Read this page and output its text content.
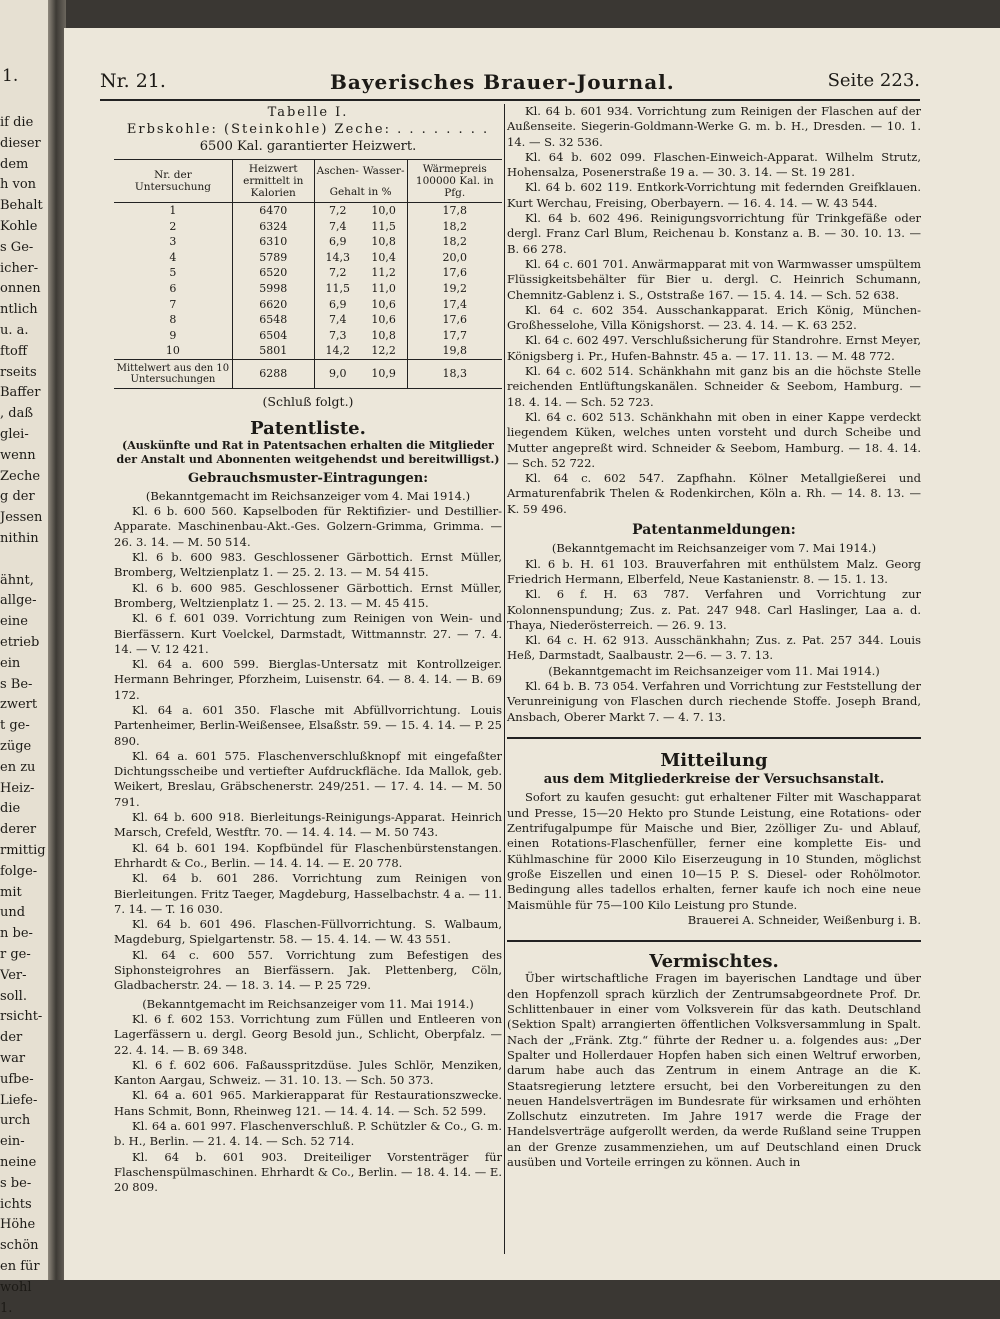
1.
if die
dieser
dem
h von
Behalt
Kohle
s Ge-
icher-
onnen
ntlich
u. a.
ftoff
rseits
Baffer
, daß
glei-
wenn
Zeche
g der
Jessen
nithin
ähnt,
allge-
eine
etrieb
ein
s Be-
zwert
t ge-
züge
en zu
Heiz-
die
derer
rmittig
folge-
mit
und
n be-
r ge-
Ver-
soll.
rsicht-
der
war
ufbe-
Liefe-
urch
ein-
neine
s be-
ichts
Höhe
schön
en für
wohl
1.
Nr. 21.	Bayerisches Brauer-Journal.	Seite 223.
Tabelle I.
Erbskohle: (Steinkohle) Zeche: . . . . . . . .
6500 Kal. garantierter Heizwert.
Nr. der Untersuchung	Heizwert ermittelt in Kalorien	Aschen-	Wasser-	Wärmepreis 100000 Kal. in Pfg.
		Gehalt in %		
1	6470	7,2	10,0	17,8
2	6324	7,4	11,5	18,2
3	6310	6,9	10,8	18,2
4	5789	14,3	10,4	20,0
5	6520	7,2	11,2	17,6
6	5998	11,5	11,0	19,2
7	6620	6,9	10,6	17,4
8	6548	7,4	10,6	17,6
9	6504	7,3	10,8	17,7
10	5801	14,2	12,2	19,8
Mittelwert aus den 10 Untersuchungen	6288	9,0	10,9	18,3
(Schluß folgt.)
Patentliste.
(Auskünfte und Rat in Patentsachen erhalten die Mitglieder der Anstalt und Abonnenten weitgehendst und bereitwilligst.)
Gebrauchsmuster-Eintragungen:

(Bekanntgemacht im Reichsanzeiger vom 4. Mai 1914.)

Kl. 6 b. 600 560. Kapselboden für Rektifizier- und Destillier-Apparate. Maschinenbau-Akt.-Ges. Golzern-Grimma, Grimma. — 26. 3. 14. — M. 50 514.

Kl. 6 b. 600 983. Geschlossener Gärbottich. Ernst Müller, Bromberg, Weltzienplatz 1. — 25. 2. 13. — M. 54 415.

Kl. 6 b. 600 985. Geschlossener Gärbottich. Ernst Müller, Bromberg, Weltzienplatz 1. — 25. 2. 13. — M. 45 415.

Kl. 6 f. 601 039. Vorrichtung zum Reinigen von Wein- und Bierfässern. Kurt Voelckel, Darmstadt, Wittmannstr. 27. — 7. 4. 14. — V. 12 421.

Kl. 64 a. 600 599. Bierglas-Untersatz mit Kontrollzeiger. Hermann Behringer, Pforzheim, Luisenstr. 64. — 8. 4. 14. — B. 69 172.

Kl. 64 a. 601 350. Flasche mit Abfüllvorrichtung. Louis Partenheimer, Berlin-Weißensee, Elsaßstr. 59. — 15. 4. 14. — P. 25 890.

Kl. 64 a. 601 575. Flaschenverschlußknopf mit eingefaßter Dichtungsscheibe und vertiefter Aufdruckfläche. Ida Mallok, geb. Weikert, Breslau, Gräbschenerstr. 249/251. — 17. 4. 14. — M. 50 791.

Kl. 64 b. 600 918. Bierleitungs-Reinigungs-Apparat. Heinrich Marsch, Crefeld, Westftr. 70. — 14. 4. 14. — M. 50 743.

Kl. 64 b. 601 194. Kopfbündel für Flaschenbürstenstangen. Ehrhardt & Co., Berlin. — 14. 4. 14. — E. 20 778.

Kl. 64 b. 601 286. Vorrichtung zum Reinigen von Bierleitungen. Fritz Taeger, Magdeburg, Hasselbachstr. 4 a. — 11. 7. 14. — T. 16 030.

Kl. 64 b. 601 496. Flaschen-Füllvorrichtung. S. Walbaum, Magdeburg, Spielgartenstr. 58. — 15. 4. 14. — W. 43 551.

Kl. 64 c. 600 557. Vorrichtung zum Befestigen des Siphonsteigrohres an Bierfässern. Jak. Plettenberg, Cöln, Gladbacherstr. 24. — 18. 3. 14. — P. 25 729.

(Bekanntgemacht im Reichsanzeiger vom 11. Mai 1914.)

Kl. 6 f. 602 153. Vorrichtung zum Füllen und Entleeren von Lagerfässern u. dergl. Georg Besold jun., Schlicht, Oberpfalz. — 22. 4. 14. — B. 69 348.

Kl. 6 f. 602 606. Faßausspritzdüse. Jules Schlör, Menziken, Kanton Aargau, Schweiz. — 31. 10. 13. — Sch. 50 373.

Kl. 64 a. 601 965. Markierapparat für Restaurationszwecke. Hans Schmit, Bonn, Rheinweg 121. — 14. 4. 14. — Sch. 52 599.

Kl. 64 a. 601 997. Flaschenverschluß. P. Schützler & Co., G. m. b. H., Berlin. — 21. 4. 14. — Sch. 52 714.

Kl. 64 b. 601 903. Dreiteiliger Vorstenträger für Flaschenspülmaschinen. Ehrhardt & Co., Berlin. — 18. 4. 14. — E. 20 809.

Kl. 64 b. 601 934. Vorrichtung zum Reinigen der Flaschen auf der Außenseite. Siegerin-Goldmann-Werke G. m. b. H., Dresden. — 10. 1. 14. — S. 32 536.

Kl. 64 b. 602 099. Flaschen-Einweich-Apparat. Wilhelm Strutz, Hohensalza, Posenerstraße 19 a. — 30. 3. 14. — St. 19 281.

Kl. 64 b. 602 119. Entkork-Vorrichtung mit federnden Greifklauen. Kurt Werchau, Freising, Oberbayern. — 16. 4. 14. — W. 43 544.

Kl. 64 b. 602 496. Reinigungsvorrichtung für Trinkgefäße oder dergl. Franz Carl Blum, Reichenau b. Konstanz a. B. — 30. 10. 13. — B. 66 278.

Kl. 64 c. 601 701. Anwärmapparat mit von Warmwasser umspültem Flüssigkeitsbehälter für Bier u. dergl. C. Heinrich Schumann, Chemnitz-Gablenz i. S., Oststraße 167. — 15. 4. 14. — Sch. 52 638.

Kl. 64 c. 602 354. Ausschankapparat. Erich König, München-Großhesselohe, Villa Königshorst. — 23. 4. 14. — K. 63 252.

Kl. 64 c. 602 497. Verschlußsicherung für Standrohre. Ernst Meyer, Königsberg i. Pr., Hufen-Bahnstr. 45 a. — 17. 11. 13. — M. 48 772.

Kl. 64 c. 602 514. Schänkhahn mit ganz bis an die höchste Stelle reichenden Entlüftungskanälen. Schneider & Seebom, Hamburg. — 18. 4. 14. — Sch. 52 723.

Kl. 64 c. 602 513. Schänkhahn mit oben in einer Kappe verdeckt liegendem Küken, welches unten vorsteht und durch Scheibe und Mutter angepreßt wird. Schneider & Seebom, Hamburg. — 18. 4. 14. — Sch. 52 722.

Kl. 64 c. 602 547. Zapfhahn. Kölner Metallgießerei und Armaturenfabrik Thelen & Rodenkirchen, Köln a. Rh. — 14. 8. 13. — K. 59 496.

Patentanmeldungen:

(Bekanntgemacht im Reichsanzeiger vom 7. Mai 1914.)

Kl. 6 b. H. 61 103. Brauverfahren mit enthülstem Malz. Georg Friedrich Hermann, Elberfeld, Neue Kastanienstr. 8. — 15. 1. 13.

Kl. 6 f. H. 63 787. Verfahren und Vorrichtung zur Kolonnenspundung; Zus. z. Pat. 247 948. Carl Haslinger, Laa a. d. Thaya, Niederösterreich. — 26. 9. 13.

Kl. 64 c. H. 62 913. Ausschänkhahn; Zus. z. Pat. 257 344. Louis Heß, Darmstadt, Saalbaustr. 2—6. — 3. 7. 13.

(Bekanntgemacht im Reichsanzeiger vom 11. Mai 1914.)

Kl. 64 b. B. 73 054. Verfahren und Vorrichtung zur Feststellung der Verunreinigung von Flaschen durch riechende Stoffe. Joseph Brand, Ansbach, Oberer Markt 7. — 4. 7. 13.

Mitteilung
aus dem Mitgliederkreise der Versuchsanstalt.

Sofort zu kaufen gesucht: gut erhaltener Filter mit Waschapparat und Presse, 15—20 Hekto pro Stunde Leistung, eine Rotations- oder Zentrifugalpumpe für Maische und Bier, 2zölliger Zu- und Ablauf, einen Rotations-Flaschenfüller, ferner eine komplette Eis- und Kühlmaschine für 2000 Kilo Eiserzeugung in 10 Stunden, möglichst große Eiszellen und einen 10—15 P. S. Diesel- oder Rohölmotor. Bedingung alles tadellos erhalten, ferner kaufe ich noch eine neue Maismühle für 75—100 Kilo Leistung pro Stunde.

Brauerei A. Schneider, Weißenburg i. B.

Vermischtes.

Über wirtschaftliche Fragen im bayerischen Landtage und über den Hopfenzoll sprach kürzlich der Zentrumsabgeordnete Prof. Dr. Schlittenbauer in einer vom Volksverein für das kath. Deutschland (Sektion Spalt) arrangierten öffentlichen Volksversammlung in Spalt. Nach der „Fränk. Ztg.“ führte der Redner u. a. folgendes aus: „Der Spalter und Hollerdauer Hopfen haben sich einen Weltruf erworben, darum habe auch das Zentrum in einem Antrage an die K. Staatsregierung letztere ersucht, bei den Vorbereitungen zu den neuen Handelsverträgen im Bundesrate für wirksamen und erhöhten Zollschutz einzutreten. Im Jahre 1917 werde die Frage der Handelsverträge aufgerollt werden, da werde Rußland seine Truppen an der Grenze zusammenziehen, um auf Deutschland einen Druck ausüben und Vorteile erringen zu können. Auch in
